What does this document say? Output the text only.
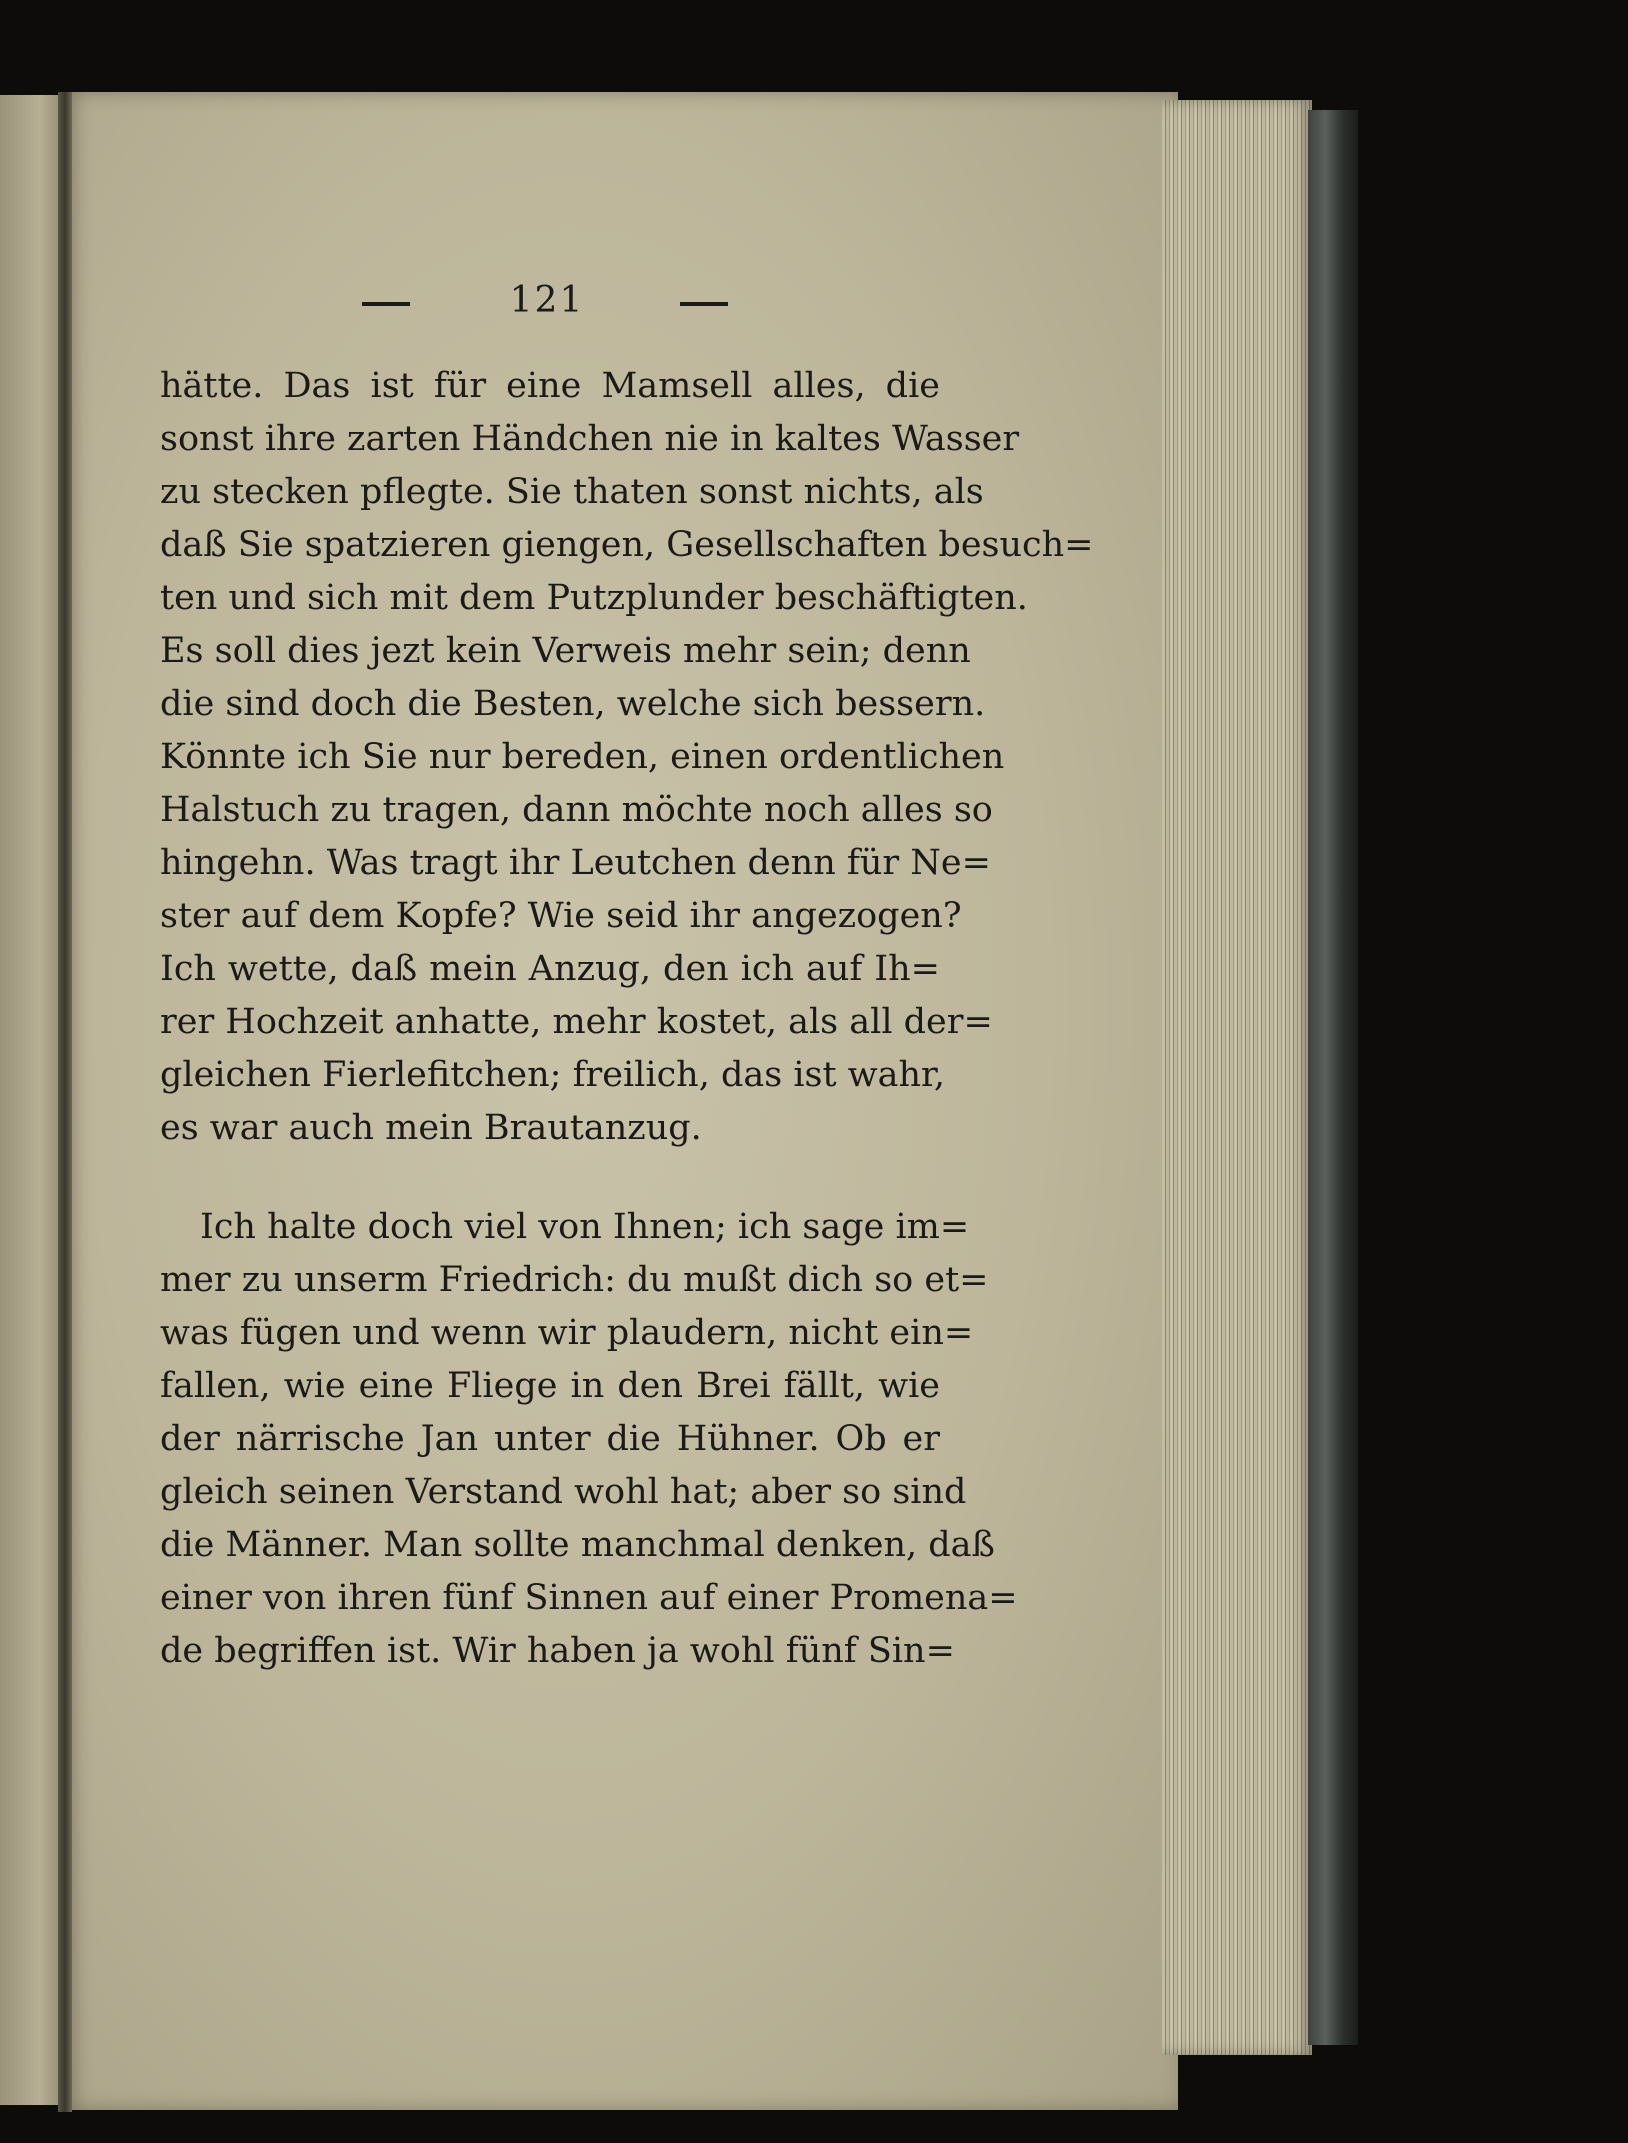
121
hätte. Das ist für eine Mamsell alles, die
sonst ihre zarten Händchen nie in kaltes Wasser
zu stecken pflegte. Sie thaten sonst nichts, als
daß Sie spatzieren giengen, Gesellschaften besuch=
ten und sich mit dem Putzplunder beschäftigten.
Es soll dies jezt kein Verweis mehr sein; denn
die sind doch die Besten, welche sich bessern.
Könnte ich Sie nur bereden, einen ordentlichen
Halstuch zu tragen, dann möchte noch alles so
hingehn. Was tragt ihr Leutchen denn für Ne=
ster auf dem Kopfe? Wie seid ihr angezogen?
Ich wette, daß mein Anzug, den ich auf Ih=
rer Hochzeit anhatte, mehr kostet, als all der=
gleichen Fierlefitchen; freilich, das ist wahr,
es war auch mein Brautanzug.
Ich halte doch viel von Ihnen; ich sage im=
mer zu unserm Friedrich: du mußt dich so et=
was fügen und wenn wir plaudern, nicht ein=
fallen, wie eine Fliege in den Brei fällt, wie
der närrische Jan unter die Hühner. Ob er
gleich seinen Verstand wohl hat; aber so sind
die Männer. Man sollte manchmal denken, daß
einer von ihren fünf Sinnen auf einer Promena=
de begriffen ist. Wir haben ja wohl fünf Sin=
